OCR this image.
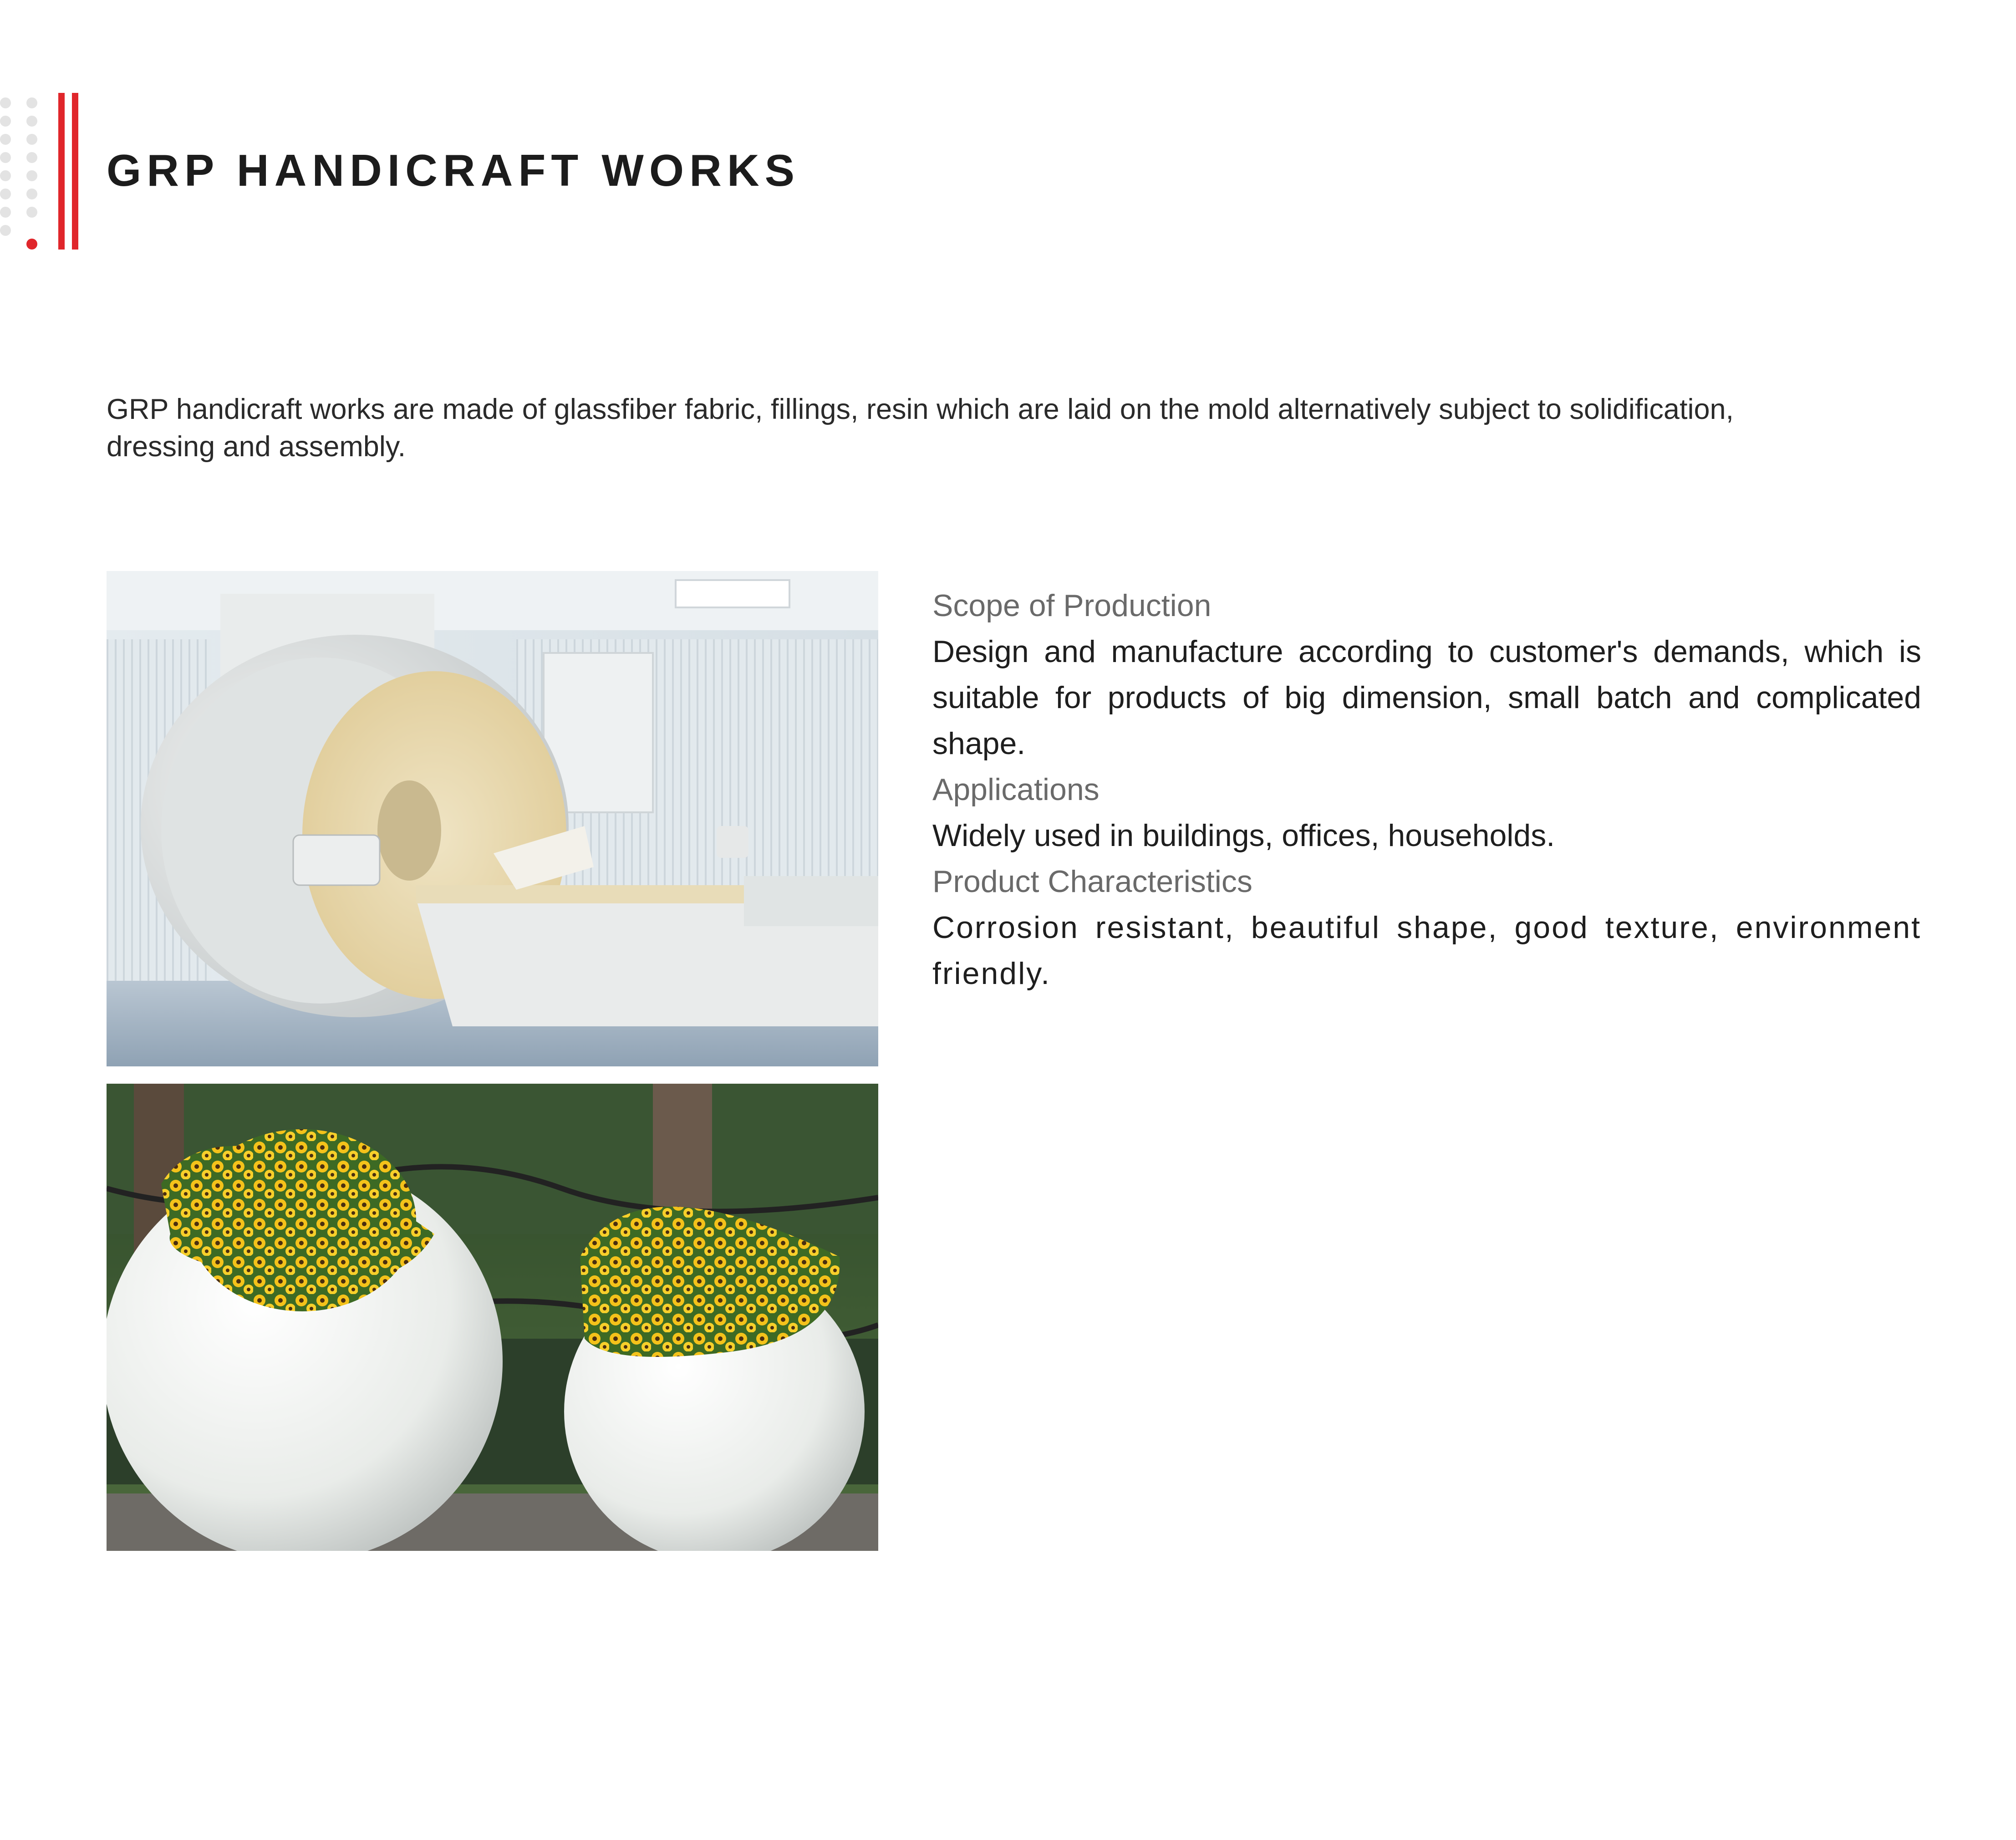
GRP HANDICRAFT WORKS

GRP handicraft works are made of glassfiber fabric, fillings, resin which are laid on the mold alternatively subject to solidification, dressing and assembly.

Scope of Production

Design and manufacture according to customer's demands, which is suitable for products of big dimension, small batch and complicated shape.

Applications

Widely used in buildings, offices, households.

Product Characteristics

Corrosion resistant, beautiful shape, good texture, environment friendly.
